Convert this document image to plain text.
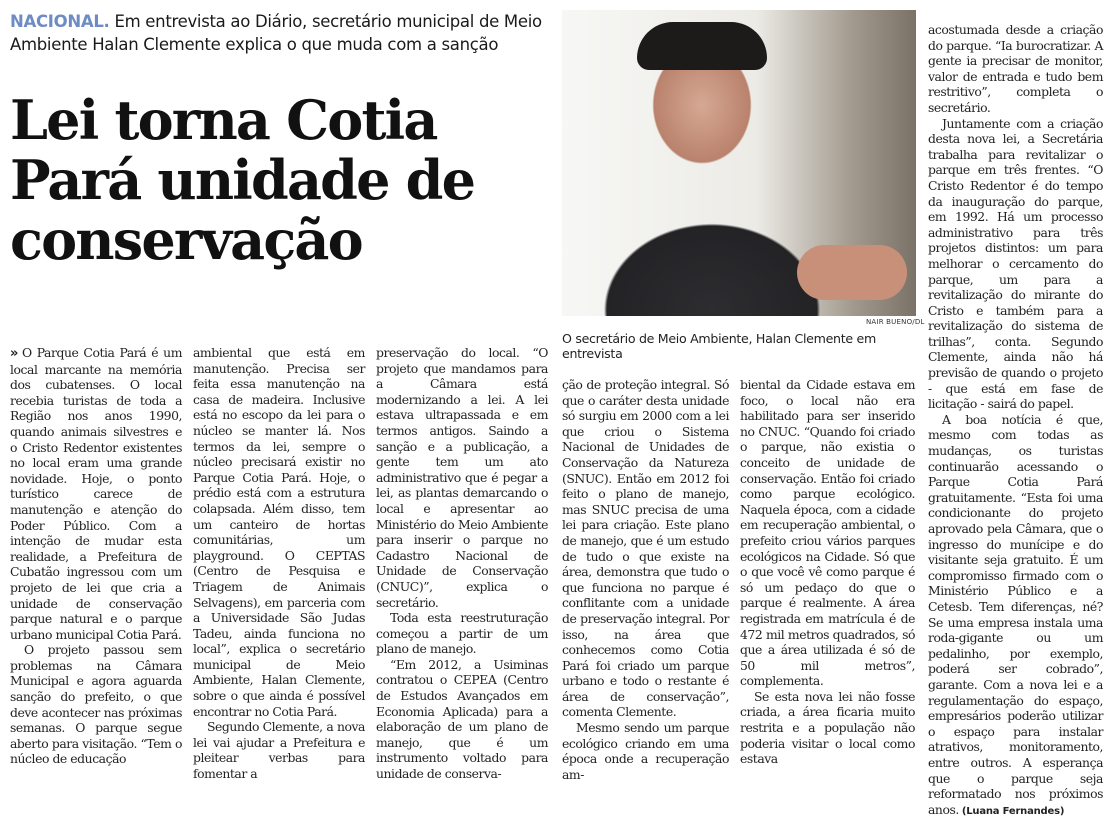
NACIONAL. Em entrevista ao Diário, secretário municipal de Meio Ambiente Halan Clemente explica o que muda com a sanção
Lei torna Cotia Pará unidade de conservação
NAIR BUENO/DL
O secretário de Meio Ambiente, Halan Clemente em entrevista

» O Parque Cotia Pará é um local marcante na memória dos cubatenses. O local recebia turistas de toda a Região nos anos 1990, quando animais silvestres e o Cristo Redentor existentes no local eram uma grande novidade. Hoje, o ponto turístico carece de manutenção e atenção do Poder Público. Com a intenção de mudar esta realidade, a Prefeitura de Cubatão ingressou com um projeto de lei que cria a unidade de conservação parque natural e o parque urbano municipal Cotia Pará.

O projeto passou sem problemas na Câmara Municipal e agora aguarda sanção do prefeito, o que deve acontecer nas próximas semanas. O parque segue aberto para visitação. “Tem o núcleo de educação

ambiental que está em manutenção. Precisa ser feita essa manutenção na casa de madeira. Inclusive está no escopo da lei para o núcleo se manter lá. Nos termos da lei, sempre o núcleo precisará existir no Parque Cotia Pará. Hoje, o prédio está com a estrutura colapsada. Além disso, tem um canteiro de hortas comunitárias, um playground. O CEPTAS (Centro de Pesquisa e Triagem de Animais Selvagens), em parceria com a Universidade São Judas Tadeu, ainda funciona no local”, explica o secretário municipal de Meio Ambiente, Halan Clemente, sobre o que ainda é possível encontrar no Cotia Pará.

Segundo Clemente, a nova lei vai ajudar a Prefeitura e pleitear verbas para fomentar a

preservação do local. “O projeto que mandamos para a Câmara está modernizando a lei. A lei estava ultrapassada e em termos antigos. Saindo a sanção e a publicação, a gente tem um ato administrativo que é pegar a lei, as plantas demarcando o local e apresentar ao Ministério do Meio Ambiente para inserir o parque no Cadastro Nacional de Unidade de Conservação (CNUC)”, explica o secretário.

Toda esta reestruturação começou a partir de um plano de manejo.

“Em 2012, a Usiminas contratou o CEPEA (Centro de Estudos Avançados em Economia Aplicada) para a elaboração de um plano de manejo, que é um instrumento voltado para unidade de conserva-

ção de proteção integral. Só que o caráter desta unidade só surgiu em 2000 com a lei que criou o Sistema Nacional de Unidades de Conservação da Natureza (SNUC). Então em 2012 foi feito o plano de manejo, mas SNUC precisa de uma lei para criação. Este plano de manejo, que é um estudo de tudo o que existe na área, demonstra que tudo o que funciona no parque é conflitante com a unidade de preservação integral. Por isso, na área que conhecemos como Cotia Pará foi criado um parque urbano e todo o restante é área de conservação”, comenta Clemente.

Mesmo sendo um parque ecológico criando em uma época onde a recuperação am-

biental da Cidade estava em foco, o local não era habilitado para ser inserido no CNUC. “Quando foi criado o parque, não existia o conceito de unidade de conservação. Então foi criado como parque ecológico. Naquela época, com a cidade em recuperação ambiental, o prefeito criou vários parques ecológicos na Cidade. Só que o que você vê como parque é só um pedaço do que o parque é realmente. A área registrada em matrícula é de 472 mil metros quadrados, só que a área utilizada é só de 50 mil metros”, complementa.

Se esta nova lei não fosse criada, a área ficaria muito restrita e a população não poderia visitar o local como estava

acostumada desde a criação do parque. “Ia burocratizar. A gente ia precisar de monitor, valor de entrada e tudo bem restritivo”, completa o secretário.

Juntamente com a criação desta nova lei, a Secretária trabalha para revitalizar o parque em três frentes. “O Cristo Redentor é do tempo da inauguração do parque, em 1992. Há um processo administrativo para três projetos distintos: um para melhorar o cercamento do parque, um para a revitalização do mirante do Cristo e também para a revitalização do sistema de trilhas”, conta. Segundo Clemente, ainda não há previsão de quando o projeto - que está em fase de licitação - sairá do papel.

A boa notícia é que, mesmo com todas as mudanças, os turistas continuarão acessando o Parque Cotia Pará gratuitamente. “Esta foi uma condicionante do projeto aprovado pela Câmara, que o ingresso do munícipe e do visitante seja gratuito. É um compromisso firmado com o Ministério Público e a Cetesb. Tem diferenças, né? Se uma empresa instala uma roda-gigante ou um pedalinho, por exemplo, poderá ser cobrado”, garante. Com a nova lei e a regulamentação do espaço, empresários poderão utilizar o espaço para instalar atrativos, monitoramento, entre outros. A esperança que o parque seja reformatado nos próximos anos. (Luana Fernandes)
